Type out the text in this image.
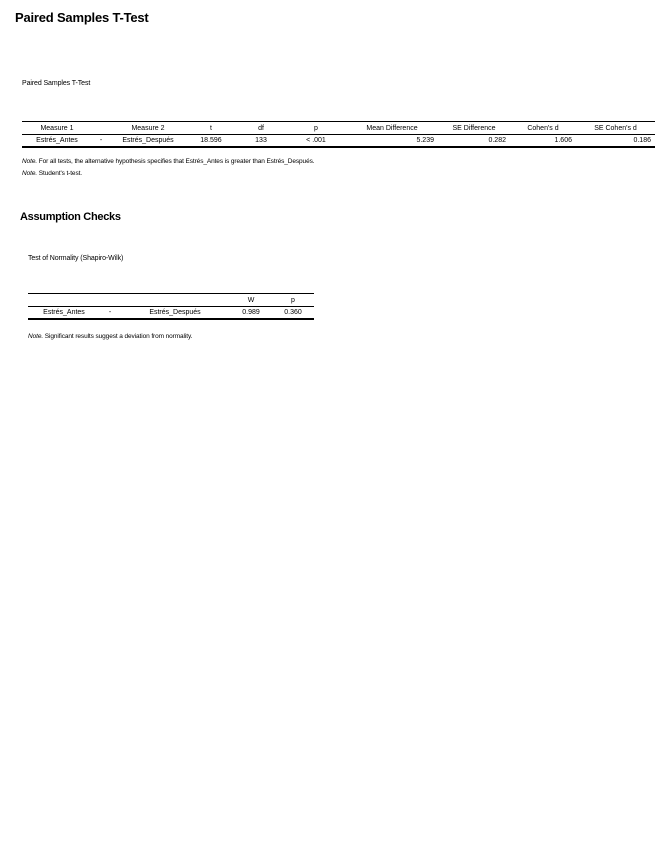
Paired Samples T-Test
Paired Samples T-Test
Measure 1		Measure 2	t	df	p	Mean Difference	SE Difference	Cohen's d	SE Cohen's d
Estrés_Antes	-	Estrés_Después	18.596	133	< .001	5.239	0.282	1.606	0.186
Note. For all tests, the alternative hypothesis specifies that Estrés_Antes is greater than Estrés_Después.
Note. Student's t-test.
Assumption Checks
Test of Normality (Shapiro-Wilk)
			W	p
Estrés_Antes	-	Estrés_Después	0.989	0.360
Note. Significant results suggest a deviation from normality.
